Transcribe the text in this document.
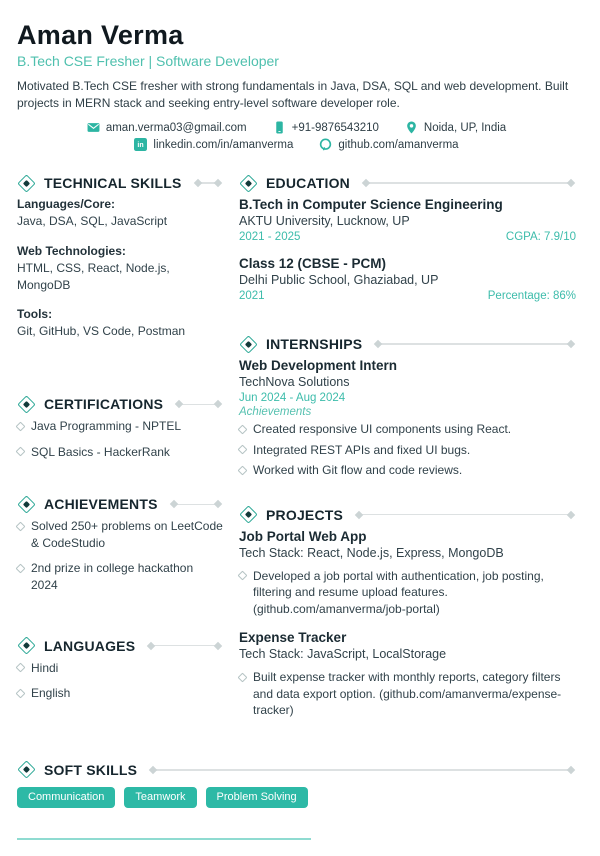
Aman Verma
B.Tech CSE Fresher | Software Developer

Motivated B.Tech CSE fresher with strong fundamentals in Java, DSA, SQL and web development. Built projects in MERN stack and seeking entry-level software developer role.

aman.verma03@gmail.com	+91-9876543210	Noida, UP, India
in linkedin.com/in/amanverma	github.com/amanverma
TECHNICAL SKILLS
Languages/Core:
Java, DSA, SQL, JavaScript
Web Technologies:
HTML, CSS, React, Node.js, MongoDB
Tools:
Git, GitHub, VS Code, Postman
CERTIFICATIONS
Java Programming - NPTEL
SQL Basics - HackerRank
ACHIEVEMENTS
Solved 250+ problems on LeetCode & CodeStudio
2nd prize in college hackathon 2024
LANGUAGES
Hindi
English
EDUCATION
B.Tech in Computer Science Engineering
AKTU University, Lucknow, UP
2021 - 2025	CGPA: 7.9/10
Class 12 (CBSE - PCM)
Delhi Public School, Ghaziabad, UP
2021	Percentage: 86%
INTERNSHIPS
Web Development Intern
TechNova Solutions
Jun 2024 - Aug 2024
Achievements
Created responsive UI components using React.
Integrated REST APIs and fixed UI bugs.
Worked with Git flow and code reviews.
PROJECTS
Job Portal Web App
Tech Stack: React, Node.js, Express, MongoDB
Developed a job portal with authentication, job posting, filtering and resume upload features. (github.com/amanverma/job-portal)
Expense Tracker
Tech Stack: JavaScript, LocalStorage
Built expense tracker with monthly reports, category filters and data export option. (github.com/amanverma/expense-tracker)
SOFT SKILLS
Communication	Teamwork	Problem Solving
